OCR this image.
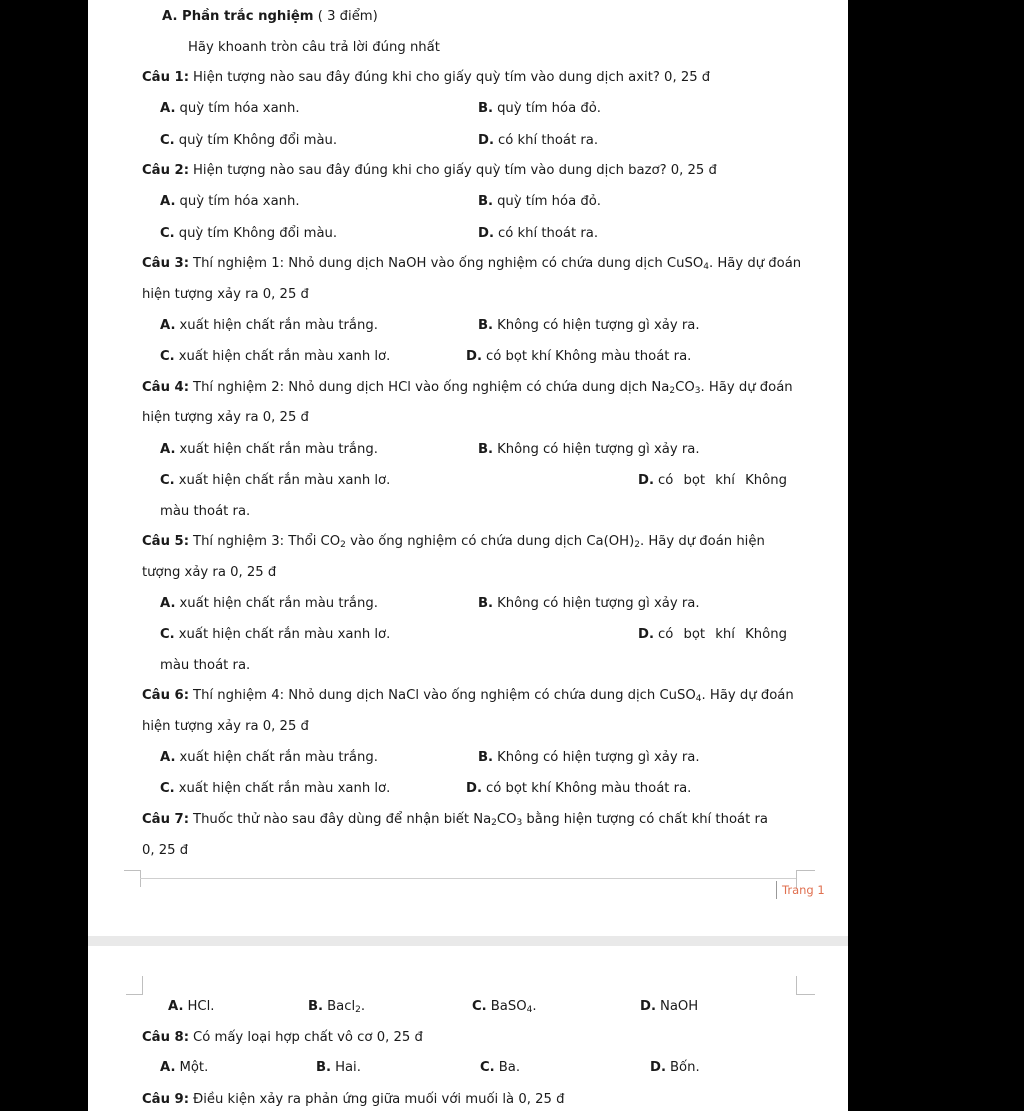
A. Phần trắc nghiệm ( 3 điểm)
Hãy khoanh tròn câu trả lời đúng nhất
Câu 1: Hiện tượng nào sau đây đúng khi cho giấy quỳ tím vào dung dịch axit? 0, 25 đ
A. quỳ tím hóa xanh.	B. quỳ tím hóa đỏ.
C. quỳ tím Không đổi màu.	D. có khí thoát ra.
Câu 2: Hiện tượng nào sau đây đúng khi cho giấy quỳ tím vào dung dịch bazơ? 0, 25 đ
A. quỳ tím hóa xanh.	B. quỳ tím hóa đỏ.
C. quỳ tím Không đổi màu.	D. có khí thoát ra.
Câu 3: Thí nghiệm 1: Nhỏ dung dịch NaOH vào ống nghiệm có chứa dung dịch CuSO$_4$. Hãy dự đoán
hiện tượng xảy ra 0, 25 đ
A. xuất hiện chất rắn màu trắng.	B. Không có hiện tượng gì xảy ra.
C. xuất hiện chất rắn màu xanh lơ.	D. có bọt khí Không màu thoát ra.
Câu 4: Thí nghiệm 2: Nhỏ dung dịch HCl vào ống nghiệm có chứa dung dịch $Na_2CO_3$. Hãy dự đoán
hiện tượng xảy ra 0, 25 đ
A. xuất hiện chất rắn màu trắng.	B. Không có hiện tượng gì xảy ra.
C. xuất hiện chất rắn màu xanh lơ.	D. có bọt khí Không
màu thoát ra.
Câu 5: Thí nghiệm 3: Thổi $CO_2$ vào ống nghiệm có chứa dung dịch $Ca(OH)_2$. Hãy dự đoán hiện
tượng xảy ra 0, 25 đ
A. xuất hiện chất rắn màu trắng.	B. Không có hiện tượng gì xảy ra.
C. xuất hiện chất rắn màu xanh lơ.	D. có bọt khí Không
màu thoát ra.
Câu 6: Thí nghiệm 4: Nhỏ dung dịch NaCl vào ống nghiệm có chứa dung dịch CuSO$_4$. Hãy dự đoán
hiện tượng xảy ra 0, 25 đ
A. xuất hiện chất rắn màu trắng.	B. Không có hiện tượng gì xảy ra.
C. xuất hiện chất rắn màu xanh lơ.	D. có bọt khí Không màu thoát ra.
Câu 7: Thuốc thử nào sau đây dùng để nhận biết $Na_2CO_3$ bằng hiện tượng có chất khí thoát ra
0, 25 đ
Trang 1
A. HCl.	B. Bacl$_2$.	C. BaSO$_4$.	D. NaOH
Câu 8: Có mấy loại hợp chất vô cơ 0, 25 đ
A. Một.	B. Hai.	C. Ba.	D. Bốn.
Câu 9: Điều kiện xảy ra phản ứng giữa muối với muối là 0, 25 đ
